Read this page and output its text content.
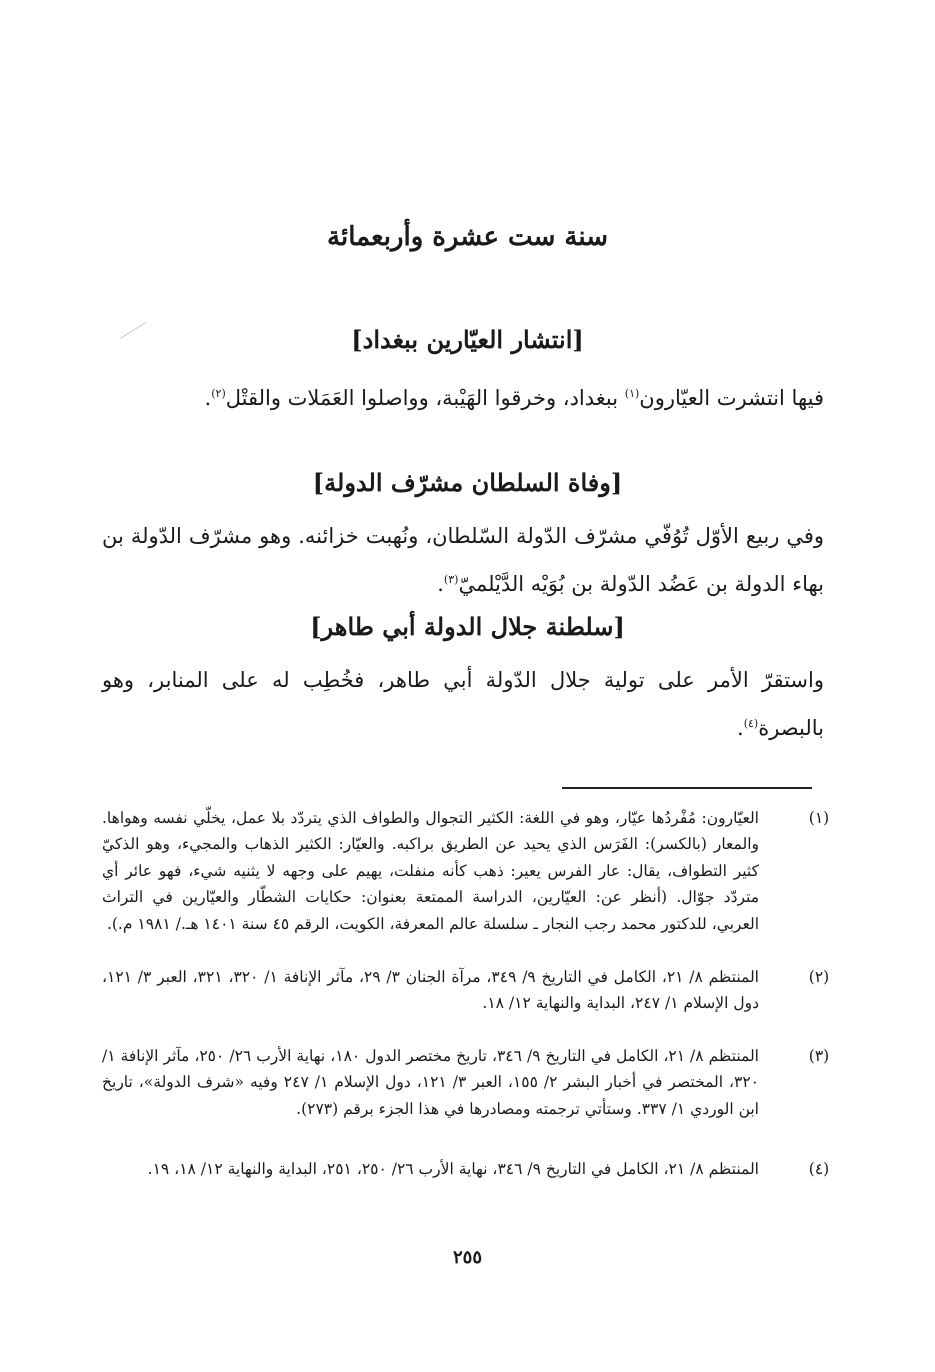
سنة ست عشرة وأربعمائة
[انتشار العيّارين ببغداد]
فيها انتشرت العيّارون$^{(١)}$ ببغداد، وخرقوا الهَيْبة، وواصلوا العَمَلات والقتْل$^{(٢)}$.
[وفاة السلطان مشرّف الدولة]
وفي ربيع الأوّل تُوُفّي مشرّف الدّولة السّلطان، ونُهبت خزائنه. وهو مشرّف الدّولة بن بهاء الدولة بن عَضُد الدّولة بن بُوَيْه الدَّيْلميّ$^{(٣)}$.
[سلطنة جلال الدولة أبي طاهر]
واستقرّ الأمر على تولية جلال الدّولة أبي طاهر، فخُطِب له على المنابر، وهو بالبصرة$^{(٤)}$.
(١)
العيّارون: مُفْردُها عيّار، وهو في اللغة: الكثير التجوال والطواف الذي يتردّد بلا عمل، يخلّي نفسه وهواها. والمعار (بالكسر): الفَرَس الذي يحيد عن الطريق براكبه. والعيّار: الكثير الذهاب والمجيء، وهو الذكيّ كثير التطواف، يقال: عار الفرس يعير: ذهب كأنه منفلت، يهيم على وجهه لا يثنيه شيء، فهو عائر أي متردّد جوّال. (أنظر عن: العيّارين، الدراسة الممتعة بعنوان: حكايات الشطّار والعيّارين في التراث العربي، للدكتور محمد رجب النجار ـ سلسلة عالم المعرفة، الكويت، الرقم ٤٥ سنة ١٤٠١ هـ./ ١٩٨١ م.).
(٢)
المنتظم ٨/ ٢١، الكامل في التاريخ ٩/ ٣٤٩، مرآة الجنان ٣/ ٢٩، مآثر الإنافة ١/ ٣٢٠، ٣٢١، العبر ٣/ ١٢١، دول الإسلام ١/ ٢٤٧، البداية والنهاية ١٢/ ١٨.
(٣)
المنتظم ٨/ ٢١، الكامل في التاريخ ٩/ ٣٤٦، تاريخ مختصر الدول ١٨٠، نهاية الأرب ٢٦/ ٢٥٠، مآثر الإنافة ١/ ٣٢٠، المختصر في أخبار البشر ٢/ ١٥٥، العبر ٣/ ١٢١، دول الإسلام ١/ ٢٤٧ وفيه «شرف الدولة»، تاريخ ابن الوردي ١/ ٣٣٧. وستأتي ترجمته ومصادرها في هذا الجزء برقم (٢٧٣).
(٤)
المنتظم ٨/ ٢١، الكامل في التاريخ ٩/ ٣٤٦، نهاية الأرب ٢٦/ ٢٥٠، ٢٥١، البداية والنهاية ١٢/ ١٨، ١٩.
٢٥٥
